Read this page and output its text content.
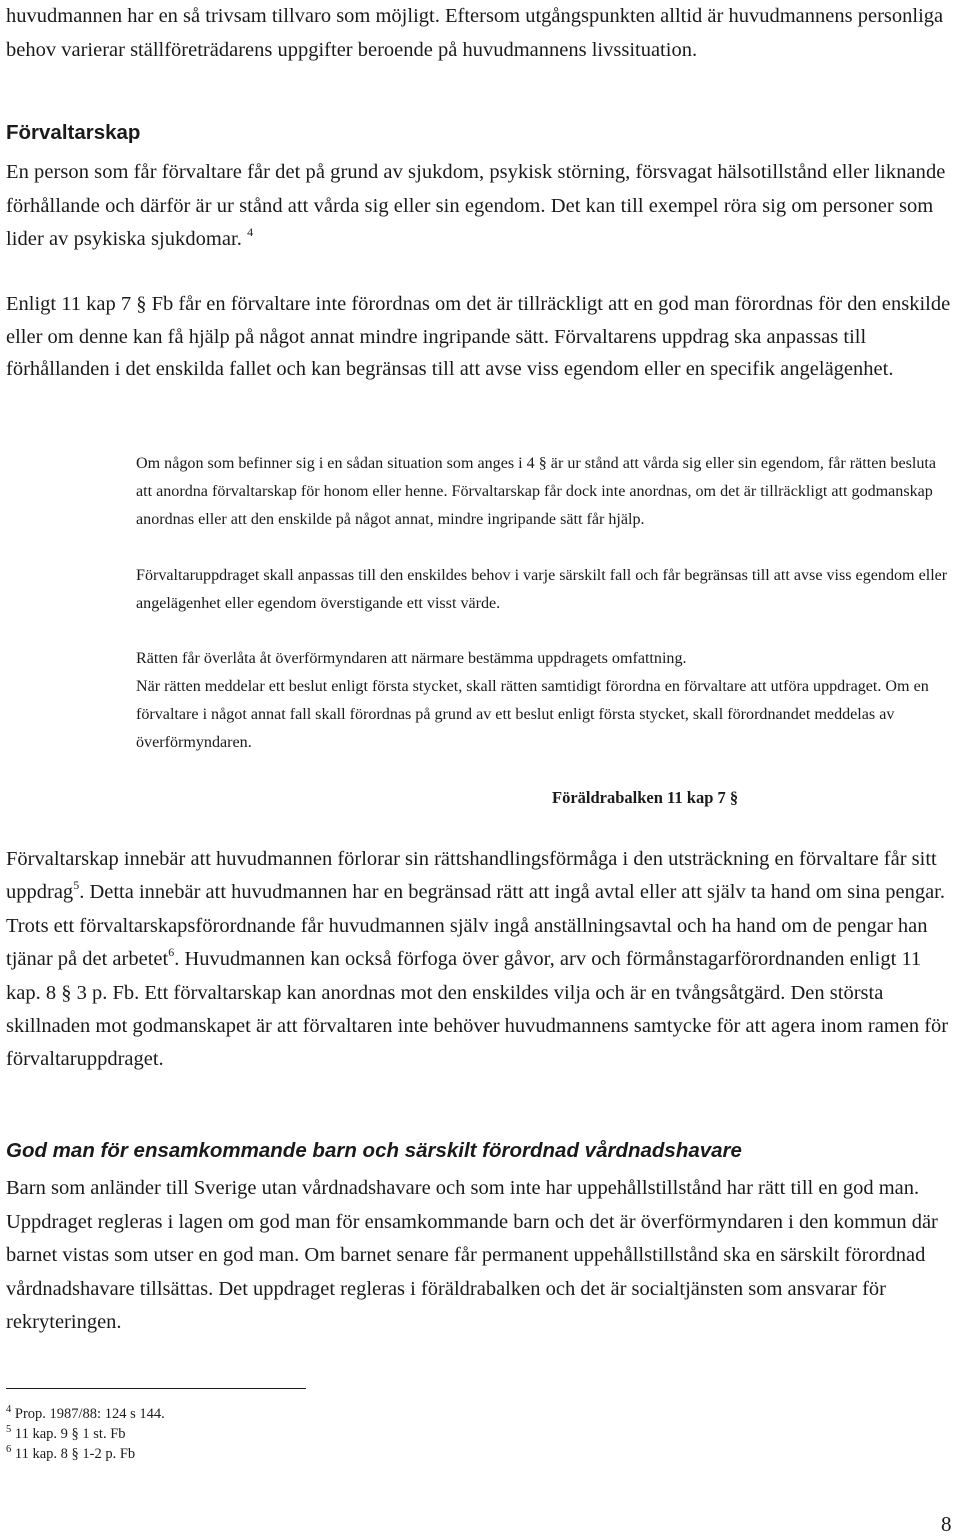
huvudmannen har en så trivsam tillvaro som möjligt. Eftersom utgångspunkten alltid är huvudmannens personliga behov varierar ställföreträdarens uppgifter beroende på huvudmannens livssituation.

Förvaltarskap

En person som får förvaltare får det på grund av sjukdom, psykisk störning, försvagat hälsotillstånd eller liknande förhållande och därför är ur stånd att vårda sig eller sin egendom. Det kan till exempel röra sig om personer som lider av psykiska sjukdomar. $^4$

Enligt 11 kap 7 § Fb får en förvaltare inte förordnas om det är tillräckligt att en god man förordnas för den enskilde eller om denne kan få hjälp på något annat mindre ingripande sätt. Förvaltarens uppdrag ska anpassas till förhållanden i det enskilda fallet och kan begränsas till att avse viss egendom eller en specifik angelägenhet.

Om någon som befinner sig i en sådan situation som anges i 4 § är ur stånd att vårda sig eller sin egendom, får rätten besluta att anordna förvaltarskap för honom eller henne. Förvaltarskap får dock inte anordnas, om det är tillräckligt att godmanskap anordnas eller att den enskilde på något annat, mindre ingripande sätt får hjälp.

Förvaltaruppdraget skall anpassas till den enskildes behov i varje särskilt fall och får begränsas till att avse viss egendom eller angelägenhet eller egendom överstigande ett visst värde.

Rätten får överlåta åt överförmyndaren att närmare bestämma uppdragets omfattning.

När rätten meddelar ett beslut enligt första stycket, skall rätten samtidigt förordna en förvaltare att utföra uppdraget. Om en förvaltare i något annat fall skall förordnas på grund av ett beslut enligt första stycket, skall förordnandet meddelas av överförmyndaren.

Föräldrabalken 11 kap 7 §

Förvaltarskap innebär att huvudmannen förlorar sin rättshandlingsförmåga i den utsträckning en förvaltare får sitt uppdrag$^5$. Detta innebär att huvudmannen har en begränsad rätt att ingå avtal eller att själv ta hand om sina pengar. Trots ett förvaltarskapsförordnande får huvudmannen själv ingå anställningsavtal och ha hand om de pengar han tjänar på det arbetet$^6$. Huvudmannen kan också förfoga över gåvor, arv och förmånstagarförordnanden enligt 11 kap. 8 § 3 p. Fb. Ett förvaltarskap kan anordnas mot den enskildes vilja och är en tvångsåtgärd. Den största skillnaden mot godmanskapet är att förvaltaren inte behöver huvudmannens samtycke för att agera inom ramen för förvaltaruppdraget.

God man för ensamkommande barn och särskilt förordnad vårdnadshavare

Barn som anländer till Sverige utan vårdnadshavare och som inte har uppehållstillstånd har rätt till en god man. Uppdraget regleras i lagen om god man för ensamkommande barn och det är överförmyndaren i den kommun där barnet vistas som utser en god man. Om barnet senare får permanent uppehållstillstånd ska en särskilt förordnad vårdnadshavare tillsättas. Det uppdraget regleras i föräldrabalken och det är socialtjänsten som ansvarar för rekryteringen.

$^4$ Prop. 1987/88: 124 s 144.
$^5$ 11 kap. 9 § 1 st. Fb
$^6$ 11 kap. 8 § 1-2 p. Fb

8
